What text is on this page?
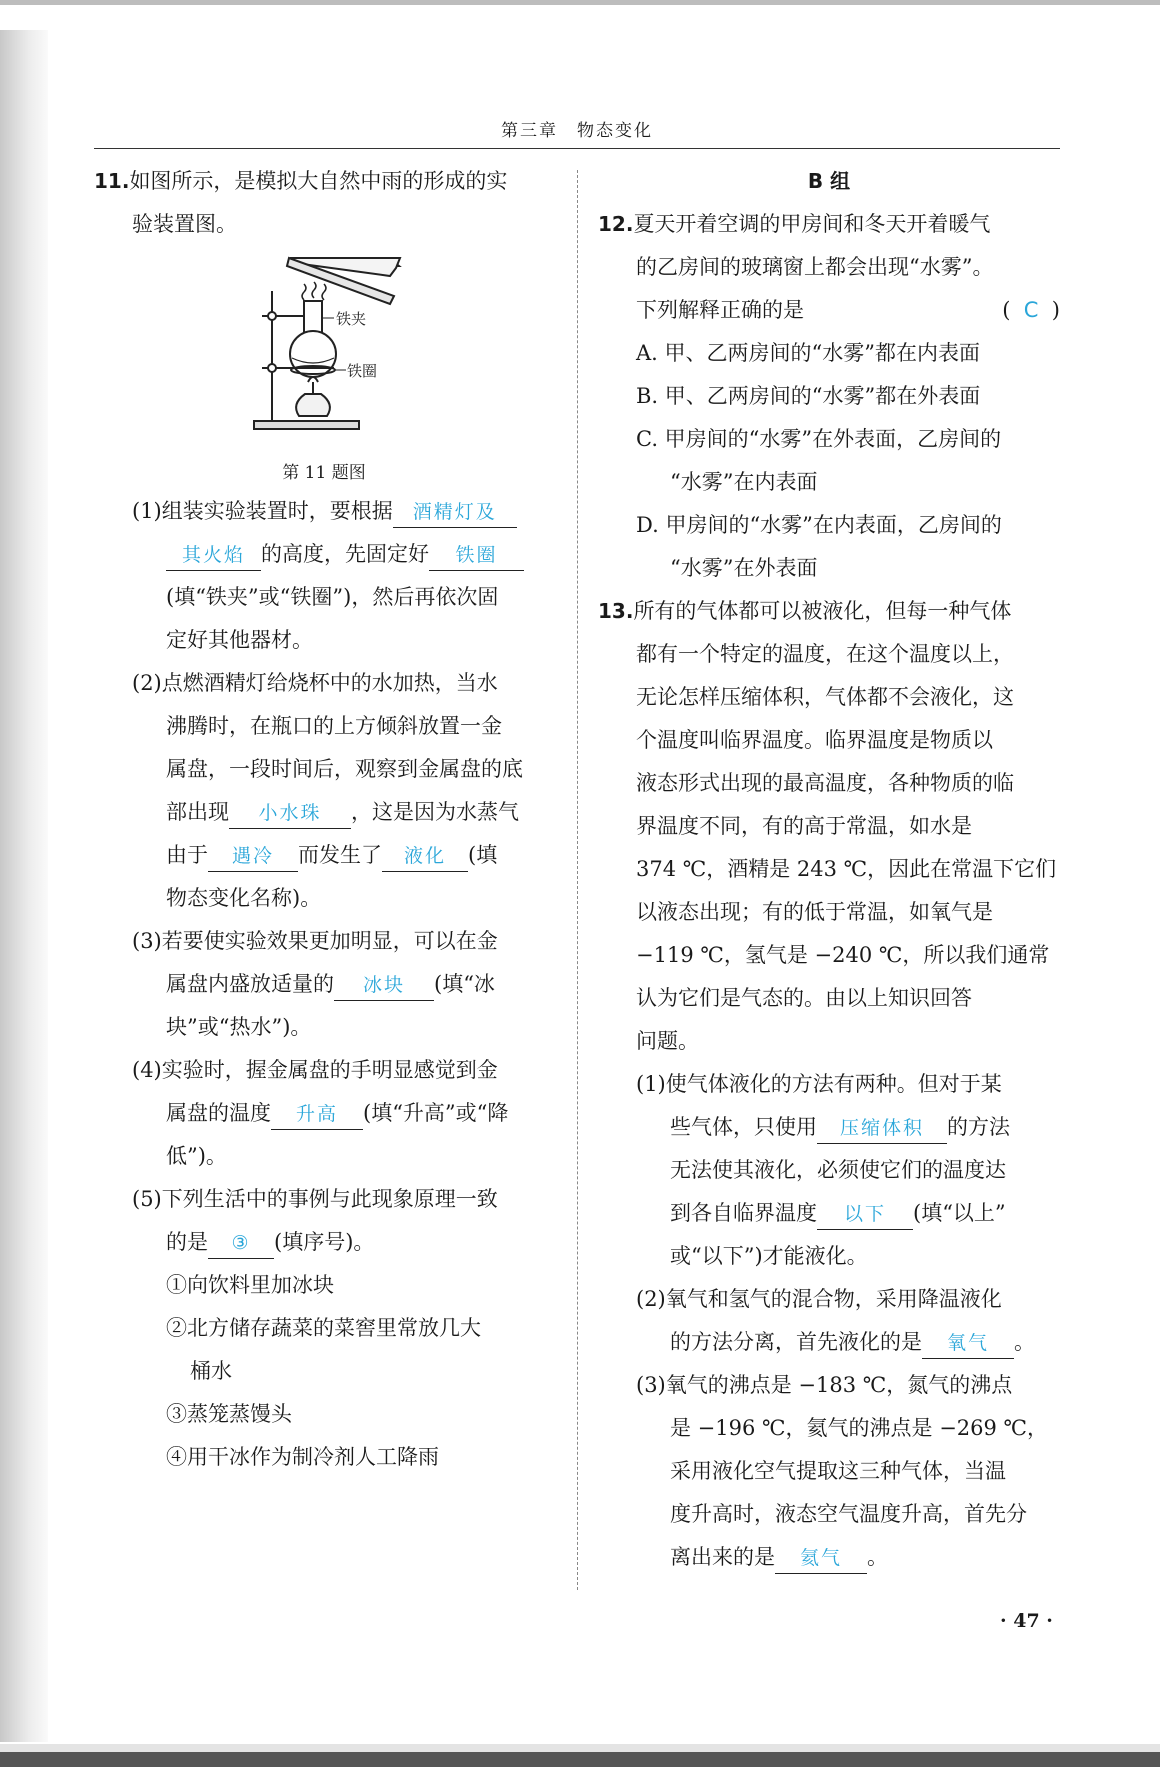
第三章　物态变化
11.如图所示，是模拟大自然中雨的形成的实
验装置图。
铁夹
铁圈
第 11 题图
(1)组装实验装置时，要根据 酒精灯及
其火焰 的高度，先固定好 铁圈
(填“铁夹”或“铁圈”)，然后再依次固
定好其他器材。
(2)点燃酒精灯给烧杯中的水加热，当水
沸腾时，在瓶口的上方倾斜放置一金
属盘，一段时间后，观察到金属盘的底
部出现 小水珠 ，这是因为水蒸气
由于 遇冷 而发生了 液化 (填
物态变化名称)。
(3)若要使实验效果更加明显，可以在金
属盘内盛放适量的 冰块 (填“冰
块”或“热水”)。
(4)实验时，握金属盘的手明显感觉到金
属盘的温度 升高 (填“升高”或“降
低”)。
(5)下列生活中的事例与此现象原理一致
的是 ③ (填序号)。
①向饮料里加冰块
②北方储存蔬菜的菜窖里常放几大
桶水
③蒸笼蒸馒头
④用干冰作为制冷剂人工降雨
B 组
12.夏天开着空调的甲房间和冬天开着暖气
的乙房间的玻璃窗上都会出现“水雾”。
下列解释正确的是	( C )
A. 甲、乙两房间的“水雾”都在内表面
B. 甲、乙两房间的“水雾”都在外表面
C. 甲房间的“水雾”在外表面，乙房间的
“水雾”在内表面
D. 甲房间的“水雾”在内表面，乙房间的
“水雾”在外表面
13.所有的气体都可以被液化，但每一种气体
都有一个特定的温度，在这个温度以上，
无论怎样压缩体积，气体都不会液化，这
个温度叫临界温度。临界温度是物质以
液态形式出现的最高温度，各种物质的临
界温度不同，有的高于常温，如水是
374 ℃，酒精是 243 ℃，因此在常温下它们
以液态出现；有的低于常温，如氧气是
−119 ℃，氢气是 −240 ℃，所以我们通常
认为它们是气态的。由以上知识回答
问题。
(1)使气体液化的方法有两种。但对于某
些气体，只使用 压缩体积 的方法
无法使其液化，必须使它们的温度达
到各自临界温度 以下 (填“以上”
或“以下”)才能液化。
(2)氧气和氢气的混合物，采用降温液化
的方法分离，首先液化的是 氧气 。
(3)氧气的沸点是 −183 ℃，氮气的沸点
是 −196 ℃，氦气的沸点是 −269 ℃，
采用液化空气提取这三种气体，当温
度升高时，液态空气温度升高，首先分
离出来的是 氦气 。
· 47 ·
